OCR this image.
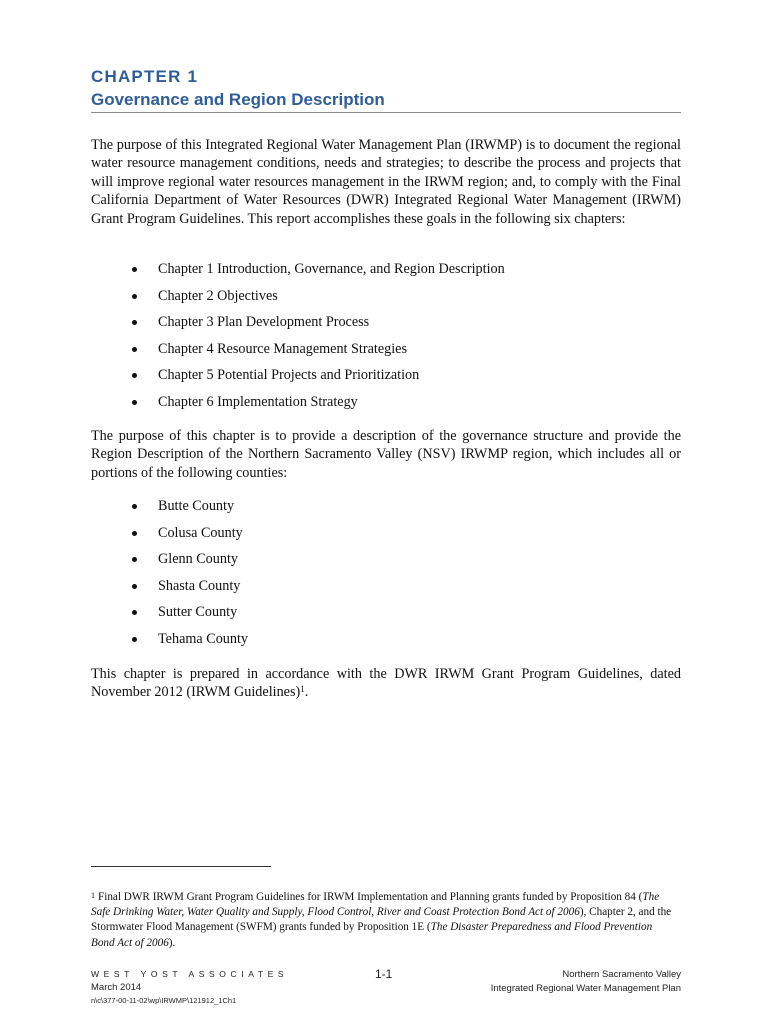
CHAPTER 1
Governance and Region Description

The purpose of this Integrated Regional Water Management Plan (IRWMP) is to document the regional water resource management conditions, needs and strategies; to describe the process and projects that will improve regional water resources management in the IRWM region; and, to comply with the Final California Department of Water Resources (DWR) Integrated Regional Water Management (IRWM) Grant Program Guidelines. This report accomplishes these goals in the following six chapters:

Chapter 1 Introduction, Governance, and Region Description
Chapter 2 Objectives
Chapter 3 Plan Development Process
Chapter 4 Resource Management Strategies
Chapter 5 Potential Projects and Prioritization
Chapter 6 Implementation Strategy

The purpose of this chapter is to provide a description of the governance structure and provide the Region Description of the Northern Sacramento Valley (NSV) IRWMP region, which includes all or portions of the following counties:

Butte County
Colusa County
Glenn County
Shasta County
Sutter County
Tehama County

This chapter is prepared in accordance with the DWR IRWM Grant Program Guidelines, dated November 2012 (IRWM Guidelines)$^1$.

$^1$ Final DWR IRWM Grant Program Guidelines for IRWM Implementation and Planning grants funded by Proposition 84 (The Safe Drinking Water, Water Quality and Supply, Flood Control, River and Coast Protection Bond Act of 2006), Chapter 2, and the Stormwater Flood Management (SWFM) grants funded by Proposition 1E (The Disaster Preparedness and Flood Prevention Bond Act of 2006).
WEST YOST ASSOCIATES
March 2014
n\c\377-00-11-02\wp\IRWMP\121912_1Ch1
1-1	Northern Sacramento Valley
Integrated Regional Water Management Plan
